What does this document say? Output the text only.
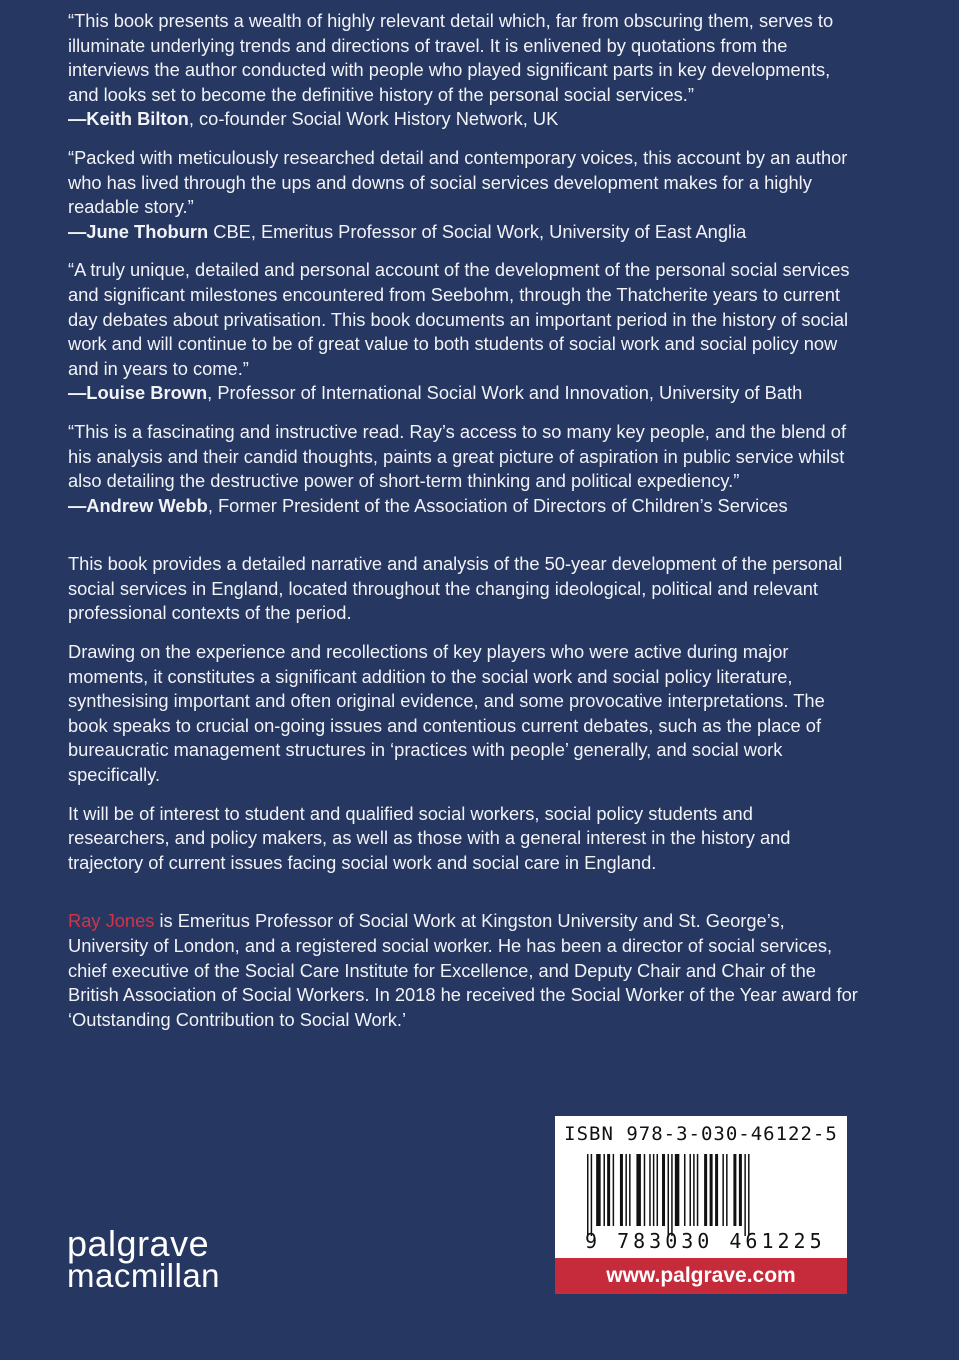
“This book presents a wealth of highly relevant detail which, far from obscuring them, serves to illuminate underlying trends and directions of travel. It is enlivened by quotations from the interviews the author conducted with people who played significant parts in key developments, and looks set to become the definitive history of the personal social services.”
—Keith Bilton, co-founder Social Work History Network, UK

“Packed with meticulously researched detail and contemporary voices, this account by an author who has lived through the ups and downs of social services development makes for a highly readable story.”
—June Thoburn CBE, Emeritus Professor of Social Work, University of East Anglia

“A truly unique, detailed and personal account of the development of the personal social services and significant milestones encountered from Seebohm, through the Thatcherite years to current day debates about privatisation. This book documents an important period in the history of social work and will continue to be of great value to both students of social work and social policy now and in years to come.”
—Louise Brown, Professor of International Social Work and Innovation, University of Bath

“This is a fascinating and instructive read. Ray’s access to so many key people, and the blend of his analysis and their candid thoughts, paints a great picture of aspiration in public service whilst also detailing the destructive power of short-term thinking and political expediency.”
—Andrew Webb, Former President of the Association of Directors of Children’s Services

This book provides a detailed narrative and analysis of the 50-year development of the personal social services in England, located throughout the changing ideological, political and relevant professional contexts of the period.

Drawing on the experience and recollections of key players who were active during major moments, it constitutes a significant addition to the social work and social policy literature, synthesising important and often original evidence, and some provocative interpretations. The book speaks to crucial on-going issues and contentious current debates, such as the place of bureaucratic management structures in ‘practices with people’ generally, and social work specifically.

It will be of interest to student and qualified social workers, social policy students and researchers, and policy makers, as well as those with a general interest in the history and trajectory of current issues facing social work and social care in England.

Ray Jones is Emeritus Professor of Social Work at Kingston University and St. George’s, University of London, and a registered social worker. He has been a director of social services, chief executive of the Social Care Institute for Excellence, and Deputy Chair and Chair of the British Association of Social Workers. In 2018 he received the Social Worker of the Year award for ‘Outstanding Contribution to Social Work.’

palgrave
macmillan
ISBN 978-3-030-46122-5
9 783030 461225
www.palgrave.com
